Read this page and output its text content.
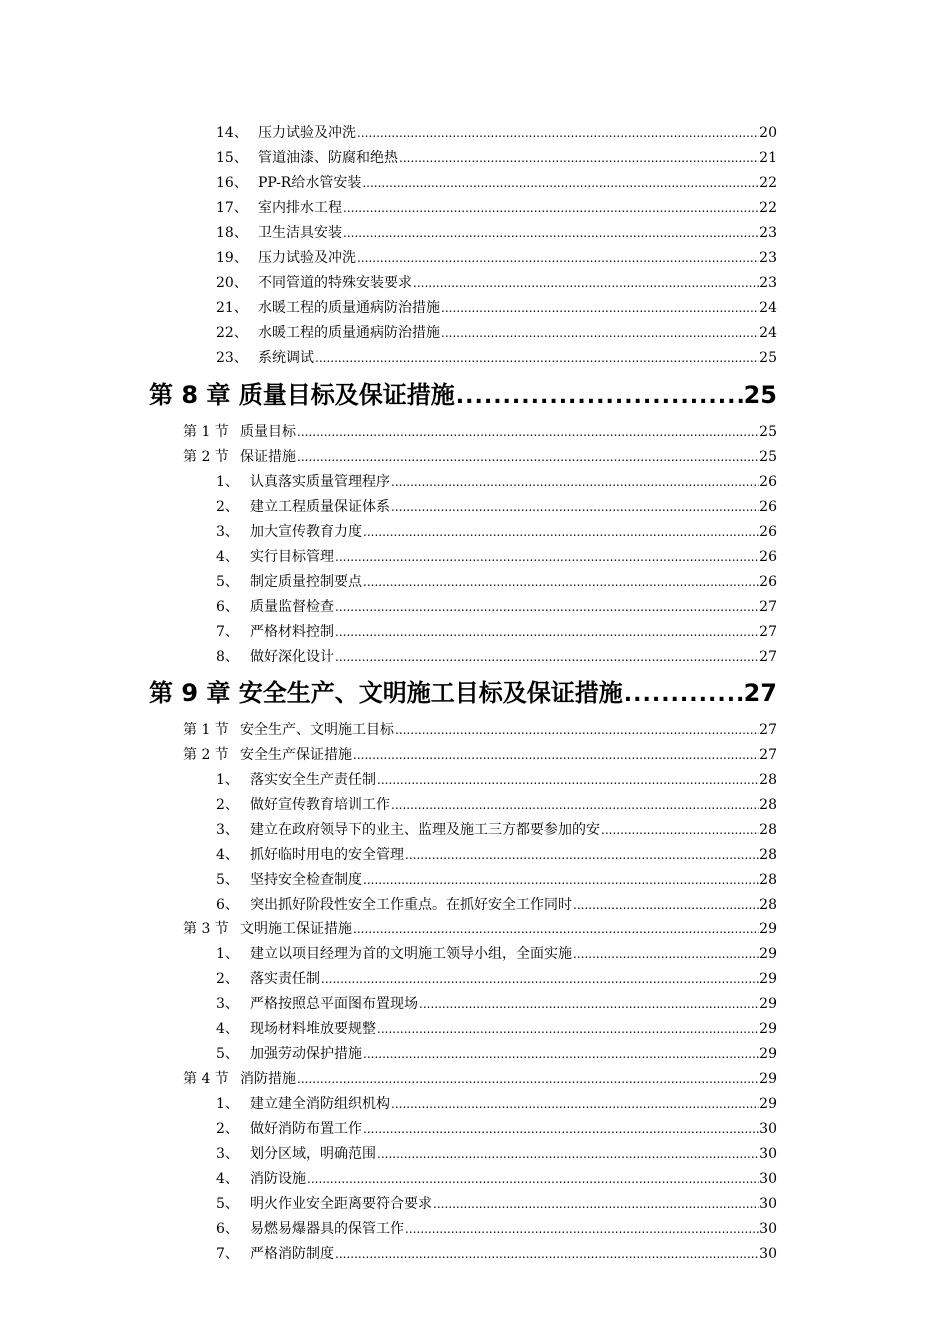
14、 压力试验及冲洗 .....	20
15、 管道油漆、防腐和绝热 .....	21
16、 PP-R给水管安装 .....	22
17、 室内排水工程 .....	22
18、 卫生洁具安装 .....	23
19、 压力试验及冲洗 .....	23
20、 不同管道的特殊安装要求 .....	23
21、 水暖工程的质量通病防治措施 .....	24
22、 水暖工程的质量通病防治措施 .....	24
23、 系统调试 .....	25
第 8 章 质量目标及保证措施 .....	25
第 1 节 质量目标 .....	25
第 2 节 保证措施 .....	25
1、 认真落实质量管理程序 .....	26
2、 建立工程质量保证体系 .....	26
3、 加大宣传教育力度 .....	26
4、 实行目标管理 .....	26
5、 制定质量控制要点 .....	26
6、 质量监督检查 .....	27
7、 严格材料控制 .....	27
8、 做好深化设计 .....	27
第 9 章 安全生产、文明施工目标及保证措施 .....	27
第 1 节 安全生产、文明施工目标 .....	27
第 2 节 安全生产保证措施 .....	27
1、 落实安全生产责任制 .....	28
2、 做好宣传教育培训工作 .....	28
3、 建立在政府领导下的业主、监理及施工三方都要参加的安 .....	28
4、 抓好临时用电的安全管理 .....	28
5、 坚持安全检查制度 .....	28
6、 突出抓好阶段性安全工作重点。在抓好安全工作同时 .....	28
第 3 节 文明施工保证措施 .....	29
1、 建立以项目经理为首的文明施工领导小组，全面实施 .....	29
2、 落实责任制 .....	29
3、 严格按照总平面图布置现场 .....	29
4、 现场材料堆放要规整 .....	29
5、 加强劳动保护措施 .....	29
第 4 节 消防措施 .....	29
1、 建立建全消防组织机构 .....	29
2、 做好消防布置工作 .....	30
3、 划分区域，明确范围 .....	30
4、 消防设施 .....	30
5、 明火作业安全距离要符合要求 .....	30
6、 易燃易爆器具的保管工作 .....	30
7、 严格消防制度 .....	30
